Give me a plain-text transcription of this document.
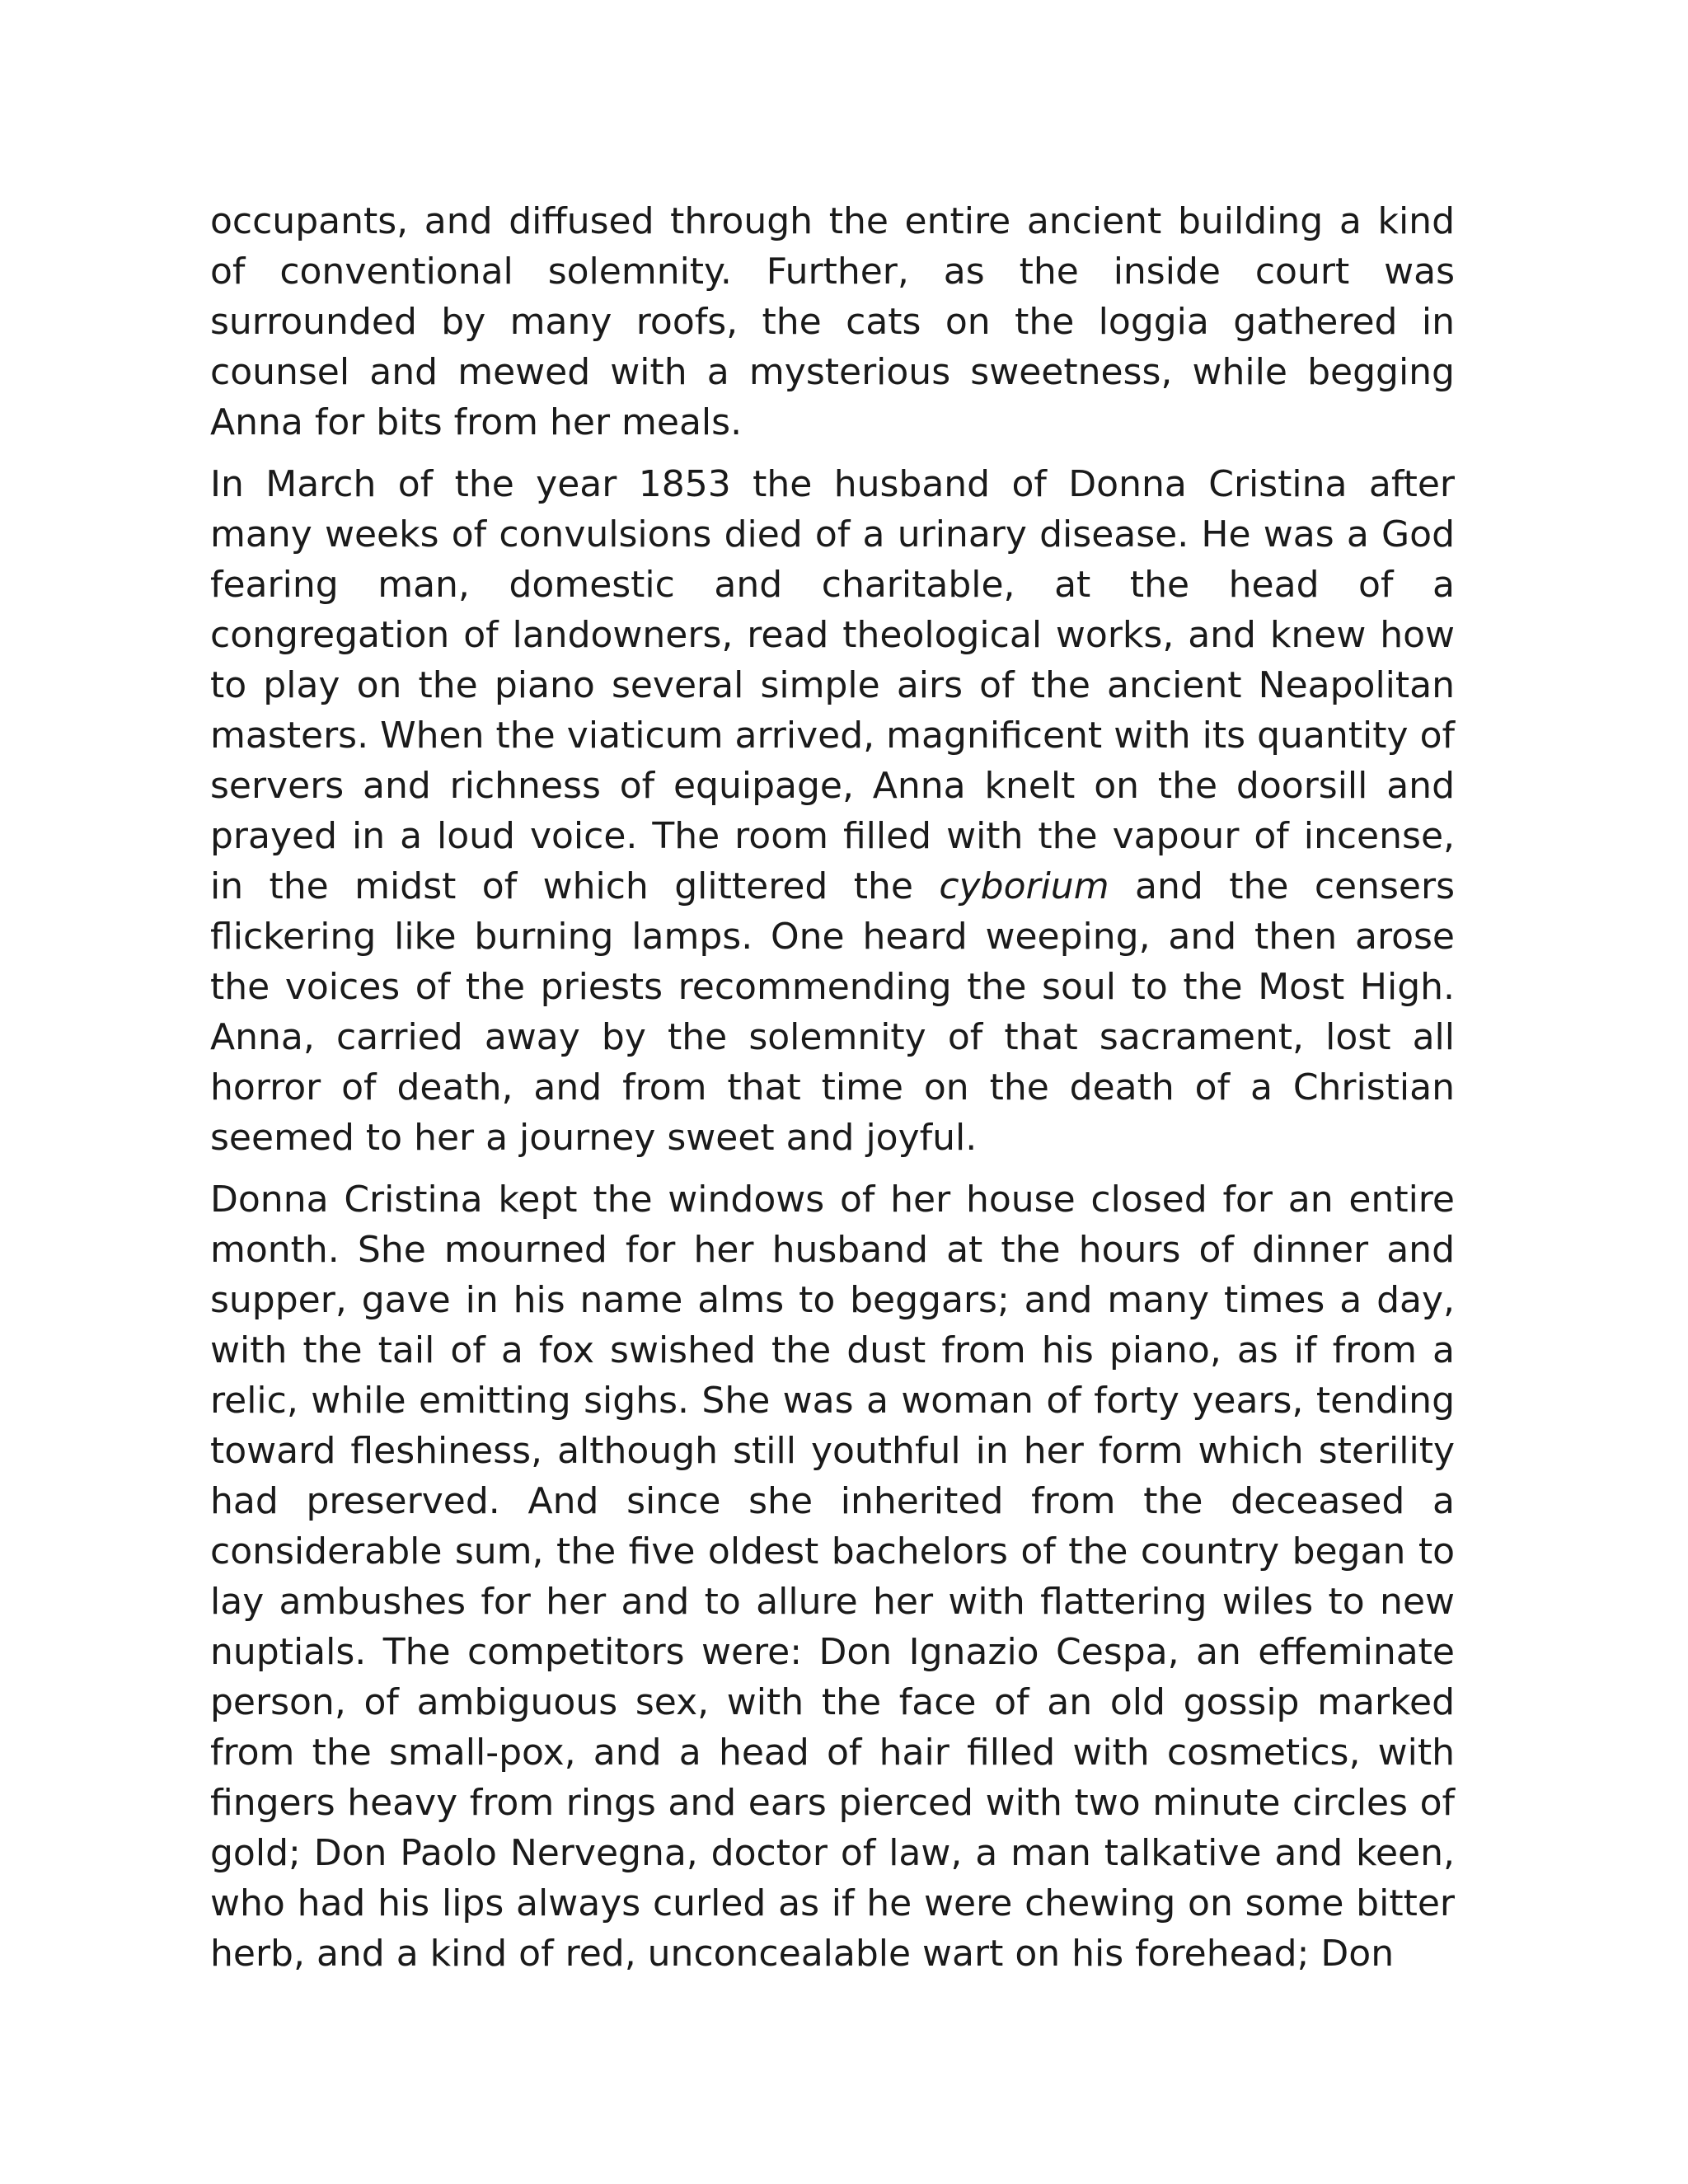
occupants, and diffused through the entire ancient building a kind of conventional solemnity. Further, as the inside court was surrounded by many roofs, the cats on the loggia gathered in counsel and mewed with a mysterious sweetness, while begging Anna for bits from her meals.

In March of the year 1853 the husband of Donna Cristina after many weeks of convulsions died of a urinary disease. He was a God fearing man, domestic and charitable, at the head of a congregation of landowners, read theological works, and knew how to play on the piano several simple airs of the ancient Neapolitan masters. When the viaticum arrived, magnificent with its quantity of servers and richness of equipage, Anna knelt on the doorsill and prayed in a loud voice. The room filled with the vapour of incense, in the midst of which glittered the cyborium and the censers flickering like burning lamps. One heard weeping, and then arose the voices of the priests recommending the soul to the Most High. Anna, carried away by the solemnity of that sacrament, lost all horror of death, and from that time on the death of a Christian seemed to her a journey sweet and joyful.

Donna Cristina kept the windows of her house closed for an entire month. She mourned for her husband at the hours of dinner and supper, gave in his name alms to beggars; and many times a day, with the tail of a fox swished the dust from his piano, as if from a relic, while emitting sighs. She was a woman of forty years, tending toward fleshiness, although still youthful in her form which sterility had preserved. And since she inherited from the deceased a considerable sum, the five oldest bachelors of the country began to lay ambushes for her and to allure her with flattering wiles to new nuptials. The competitors were: Don Ignazio Cespa, an effeminate person, of ambiguous sex, with the face of an old gossip marked from the small-pox, and a head of hair filled with cosmetics, with fingers heavy from rings and ears pierced with two minute circles of gold; Don Paolo Nervegna, doctor of law, a man talkative and keen, who had his lips always curled as if he were chewing on some bitter herb, and a kind of red, unconcealable wart on his forehead; Don
